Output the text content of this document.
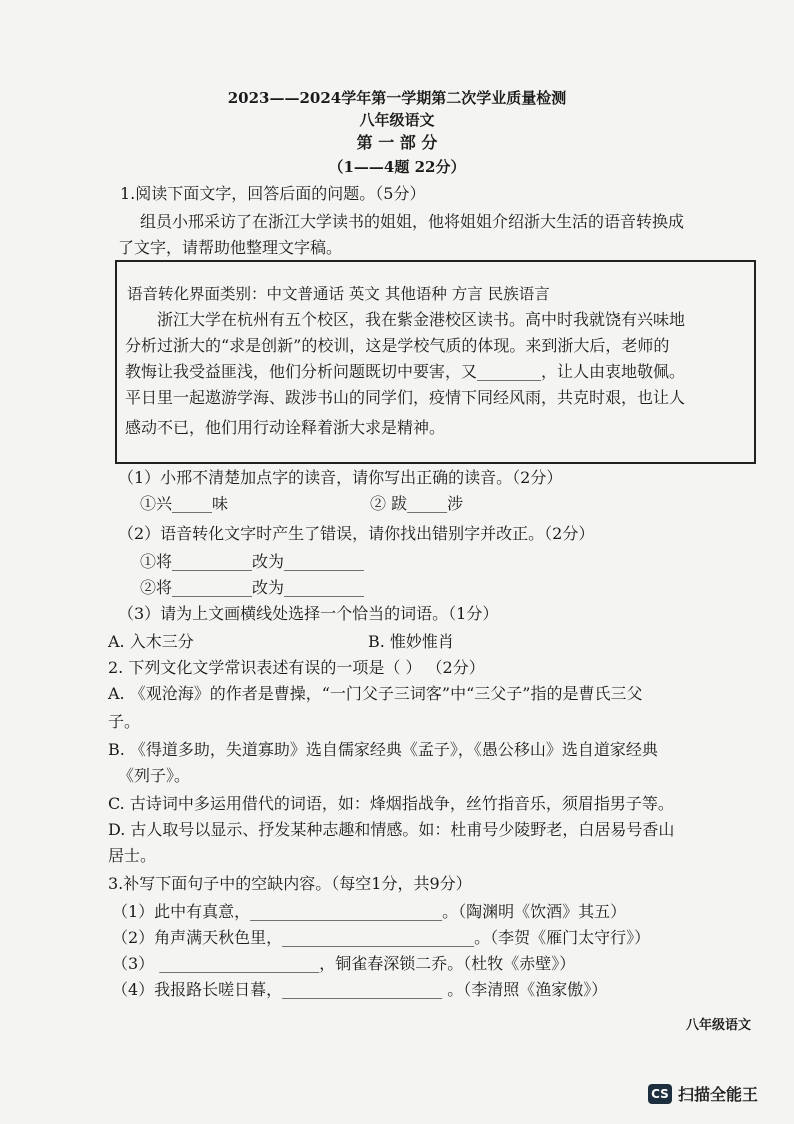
2023——2024学年第一学期第二次学业质量检测
八年级语文
第 一 部 分
（1——4题 22分）
1.阅读下面文字，回答后面的问题。（5分）
组员小邢采访了在浙江大学读书的姐姐，他将姐姐介绍浙大生活的语音转换成
了文字，请帮助他整理文字稿。
语音转化界面类别：中文普通话 英文 其他语种 方言 民族语言
浙江大学在杭州有五个校区，我在紫金港校区读书。高中时我就饶有兴味地
分析过浙大的“求是创新”的校训，这是学校气质的体现。来到浙大后，老师的
教悔让我受益匪浅，他们分析问题既切中要害，又________，让人由衷地敬佩。
平日里一起遨游学海、跋涉书山的同学们，疫情下同经风雨，共克时艰，也让人
感动不已，他们用行动诠释着浙大求是精神。
（1）小邢不清楚加点字的读音，请你写出正确的读音。（2分）
①兴_____味	② 跋_____涉
（2）语音转化文字时产生了错误，请你找出错别字并改正。（2分）
①将__________改为__________
②将__________改为__________
（3）请为上文画横线处选择一个恰当的词语。（1分）
A. 入木三分	B. 惟妙惟肖
2. 下列文化文学常识表述有误的一项是（ ） （2分）
A. 《观沧海》的作者是曹操，“一门父子三词客”中“三父子”指的是曹氏三父
子。
B. 《得道多助，失道寡助》选自儒家经典《孟子》，《愚公移山》选自道家经典
《列子》。
C. 古诗词中多运用借代的词语，如：烽烟指战争，丝竹指音乐，须眉指男子等。
D. 古人取号以显示、抒发某种志趣和情感。如：杜甫号少陵野老，白居易号香山
居士。
3.补写下面句子中的空缺内容。（每空1分，共9分）
（1）此中有真意，________________________。（陶渊明《饮酒》其五）
（2）角声满天秋色里，________________________。（李贺《雁门太守行》）
（3） ____________________，铜雀春深锁二乔。（杜牧《赤壁》）
（4）我报路长嗟日暮，____________________ 。（李清照《渔家傲》）
八年级语文
CS 扫描全能王
